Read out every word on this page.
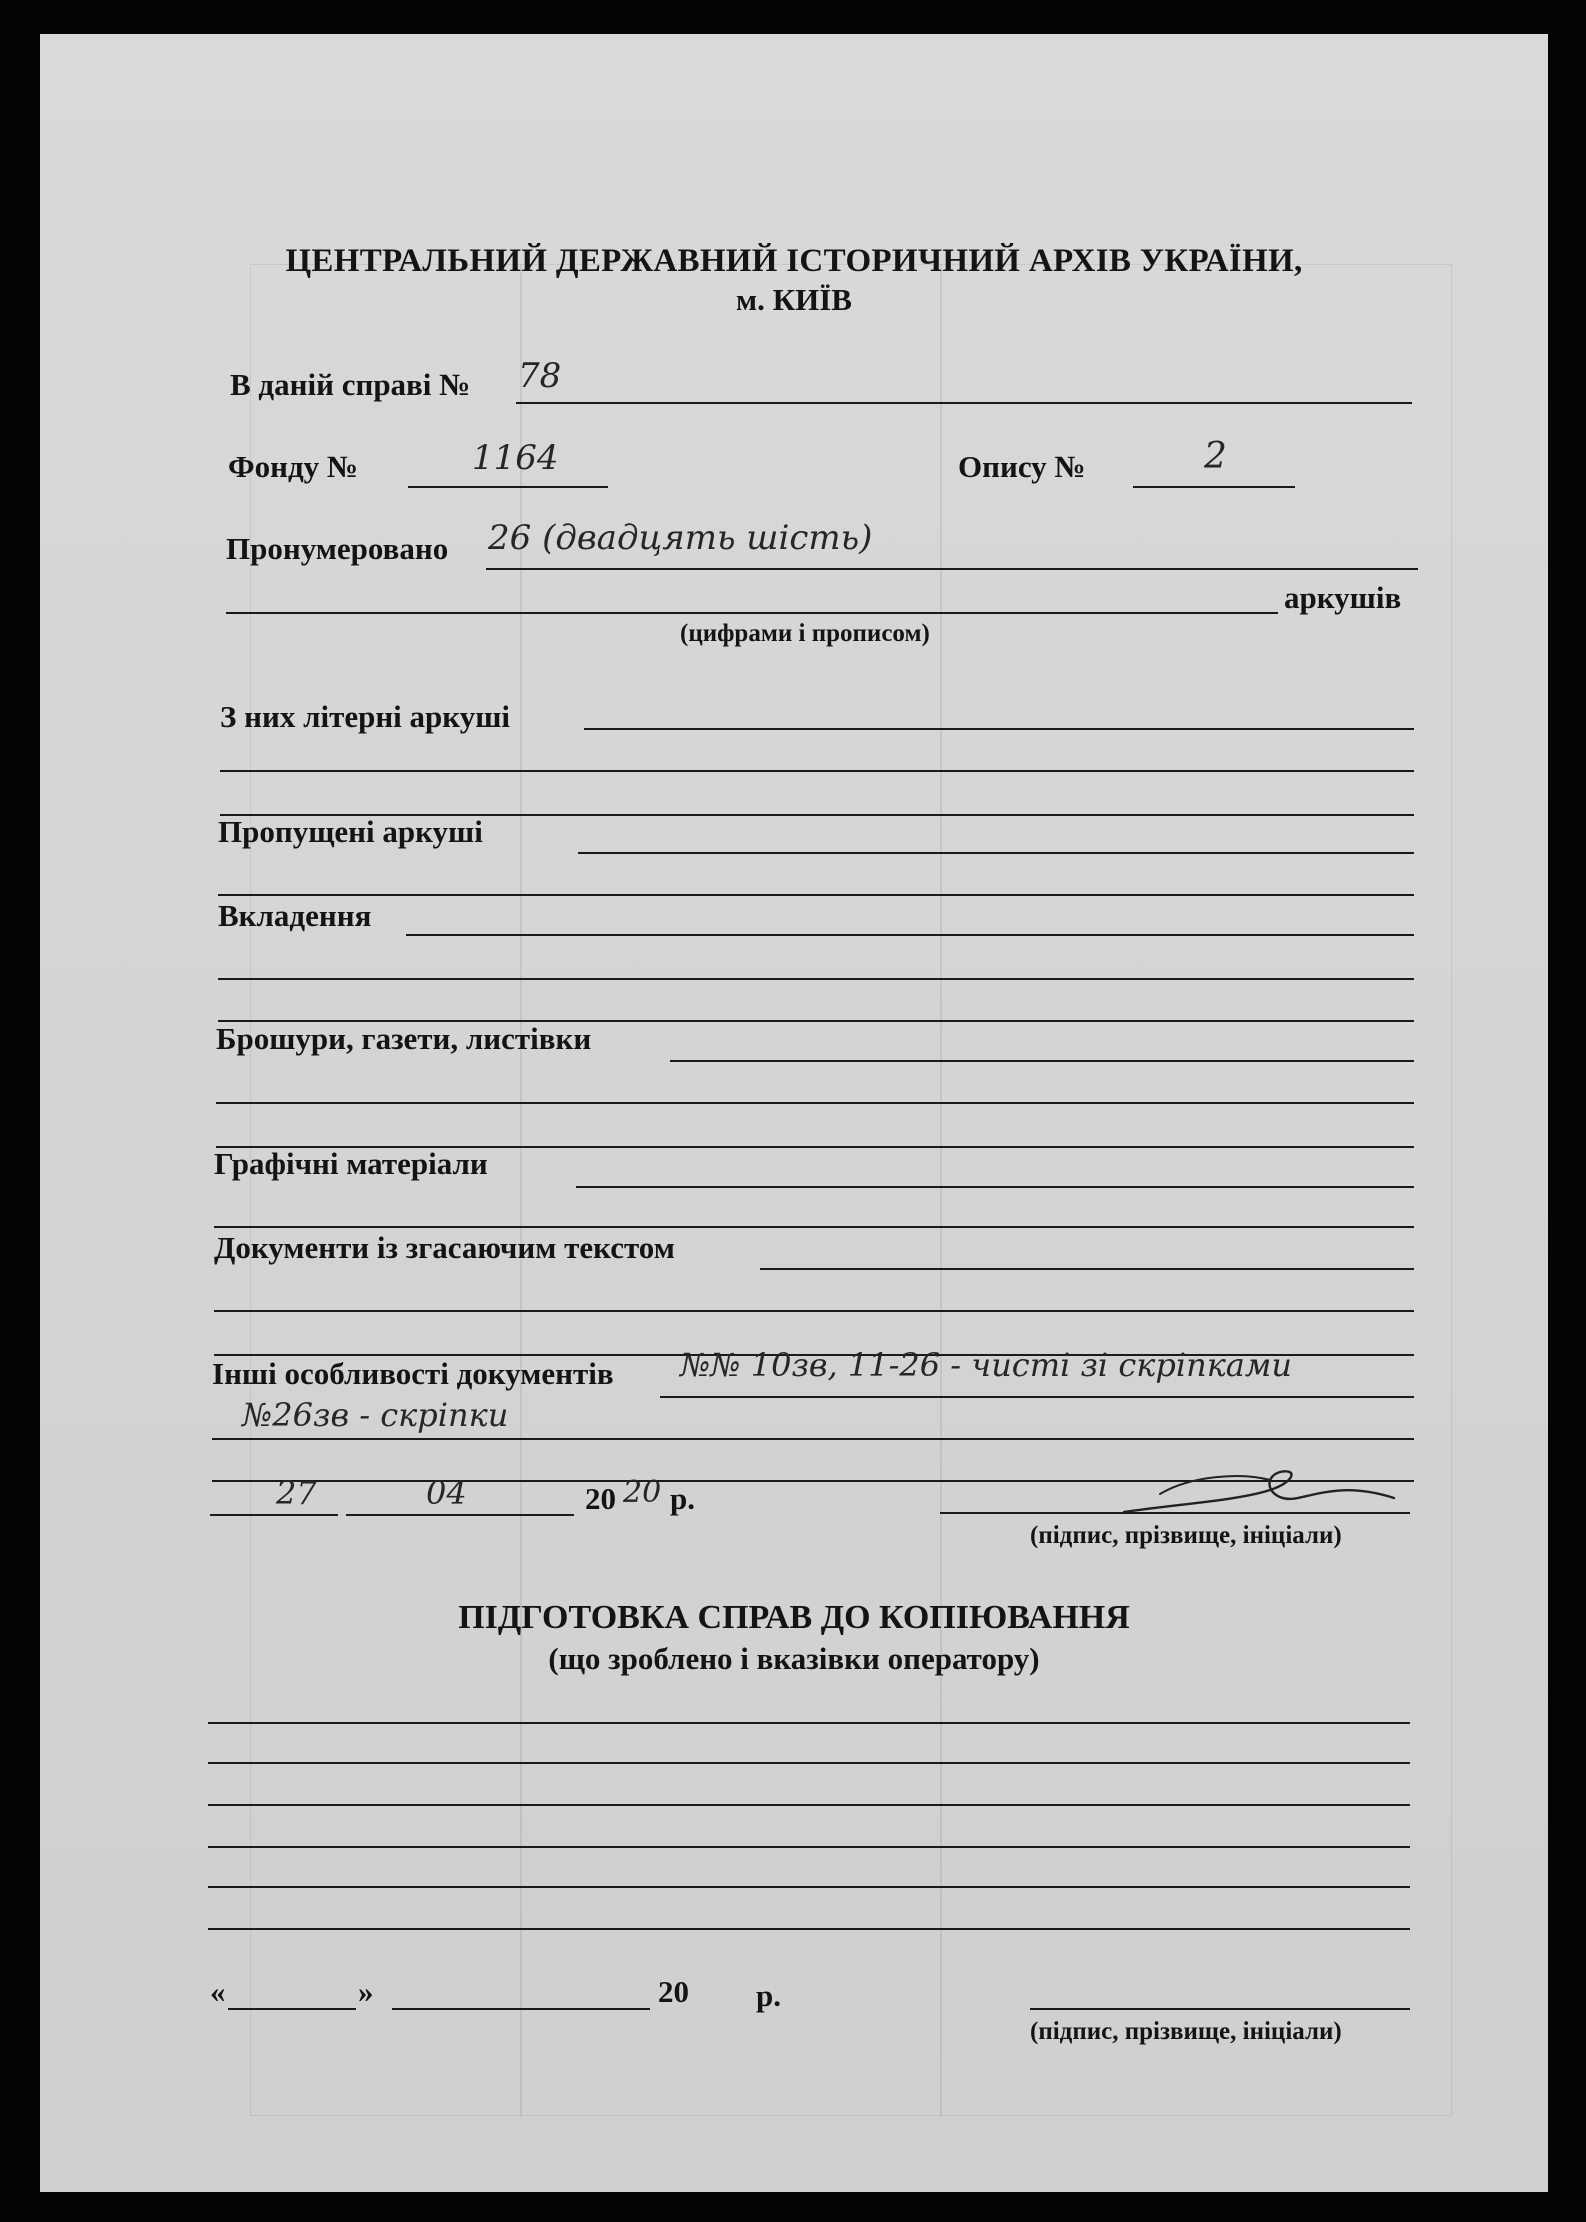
ЦЕНТРАЛЬНИЙ ДЕРЖАВНИЙ ІСТОРИЧНИЙ АРХІВ УКРАЇНИ,
м. КИЇВ
В даній справі № 78
Фонду №	1164	Опису №	2
Пронумеровано 26 (двадцять шість)
аркушів
(цифрами і прописом)
З них літерні аркуші
Пропущені аркуші
Вкладення
Брошури, газети, листівки
Графічні матеріали
Документи із згасаючим текстом
Інші особливості документів №№ 10зв, 11-26 - чисті зі скріпками
№26зв - скріпки
27	04	20 20 р.
(підпис, прізвище, ініціали)
ПІДГОТОВКА СПРАВ ДО КОПІЮВАННЯ
(що зроблено і вказівки оператору)
«	»	20 р.
(підпис, прізвище, ініціали)
